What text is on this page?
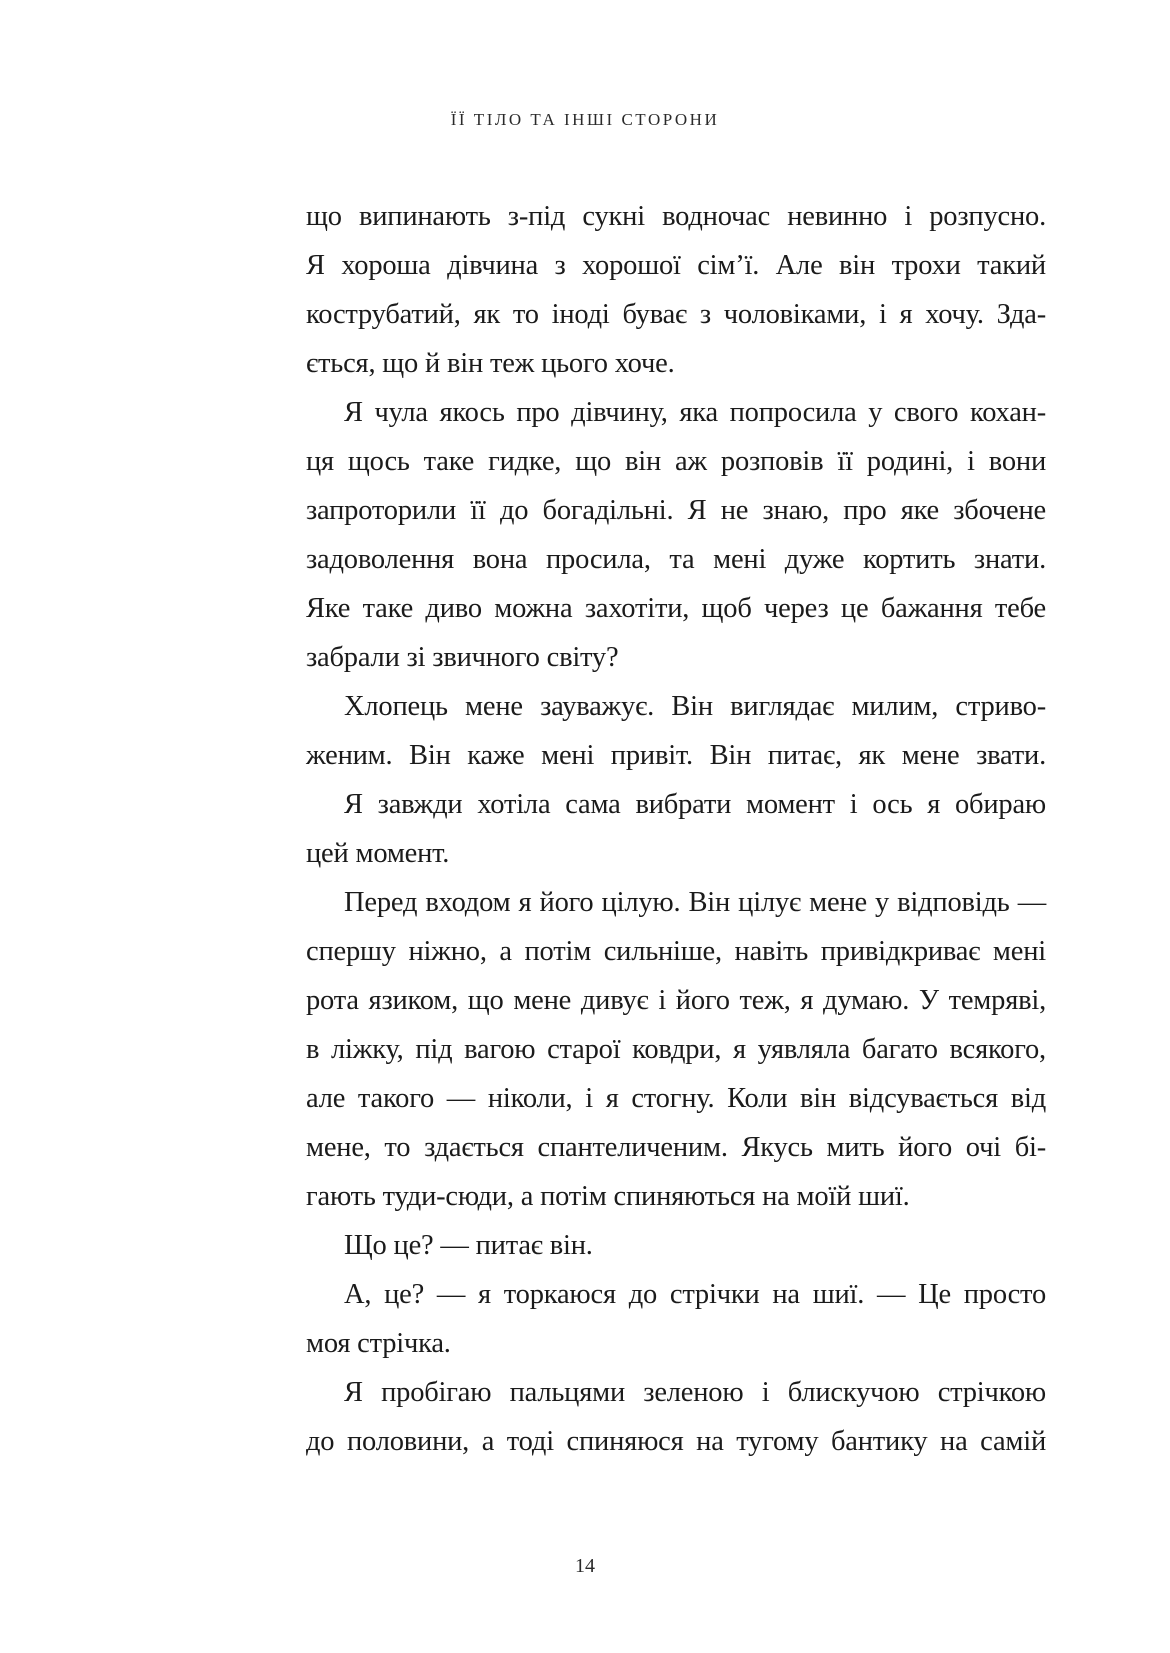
ЇЇ ТІЛО ТА ІНШІ СТОРОНИ
що випинають з-під сукні водночас невинно і розпусно.
Я хороша дівчина з хорошої сім’ї. Але він трохи такий
кострубатий, як то іноді буває з чоловіками, і я хочу. Зда-
ється, що й він теж цього хоче.
Я чула якось про дівчину, яка попросила у свого кохан-
ця щось таке гидке, що він аж розповів її родині, і вони
запроторили її до богадільні. Я не знаю, про яке збочене
задоволення вона просила, та мені дуже кортить знати.
Яке таке диво можна захотіти, щоб через це бажання тебе
забрали зі звичного світу?
Хлопець мене зауважує. Він виглядає милим, стриво-
женим. Він каже мені привіт. Він питає, як мене звати.
Я завжди хотіла сама вибрати момент і ось я обираю
цей момент.
Перед входом я його цілую. Він цілує мене у відповідь —
спершу ніжно, а потім сильніше, навіть привідкриває мені
рота язиком, що мене дивує і його теж, я думаю. У темряві,
в ліжку, під вагою старої ковдри, я уявляла багато всякого,
але такого — ніколи, і я стогну. Коли він відсувається від
мене, то здається спантеличеним. Якусь мить його очі бі-
гають туди-сюди, а потім спиняються на моїй шиї.
Що це? — питає він.
А, це? — я торкаюся до стрічки на шиї. — Це просто
моя стрічка.
Я пробігаю пальцями зеленою і блискучою стрічкою
до половини, а тоді спиняюся на тугому бантику на самій
14
